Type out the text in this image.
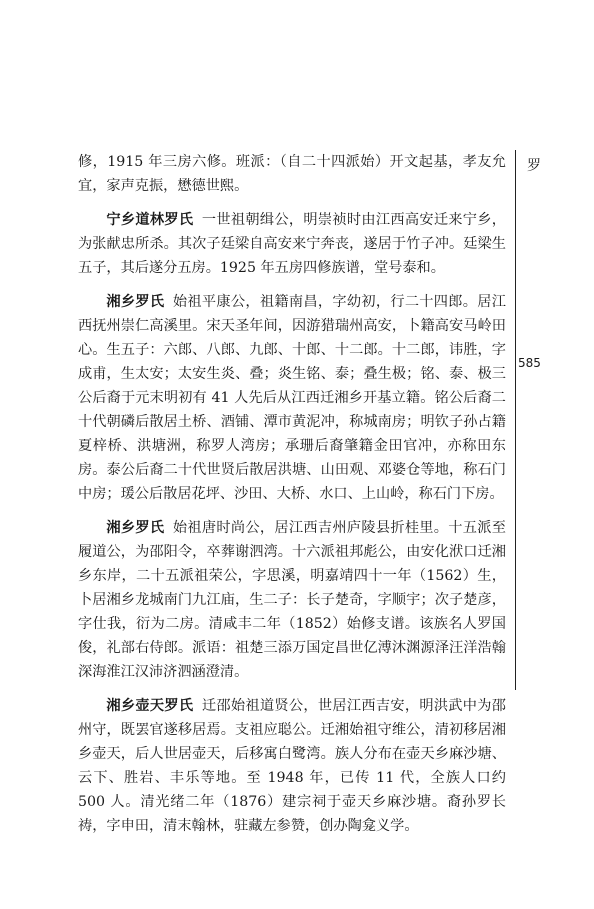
罗
585

修，1915 年三房六修。班派：（自二十四派始）开文起基，孝友允宜，家声克振，懋德世熙。

宁乡道林罗氏 一世祖朝缉公，明崇祯时由江西高安迁来宁乡，为张献忠所杀。其次子廷梁自高安来宁奔丧，遂居于竹子冲。廷梁生五子，其后遂分五房。1925 年五房四修族谱，堂号泰和。

湘乡罗氏 始祖平康公，祖籍南昌，字幼初，行二十四郎。居江西抚州崇仁高溪里。宋天圣年间，因游猎瑞州高安，卜籍高安马岭田心。生五子：六郎、八郎、九郎、十郎、十二郎。十二郎，讳胜，字成甫，生太安；太安生炎、叠；炎生铭、泰；叠生极；铭、泰、极三公后裔于元末明初有 41 人先后从江西迁湘乡开基立籍。铭公后裔二十代朝磷后散居土桥、酒铺、潭市黄泥冲，称城南房；明钦子孙占籍夏梓桥、洪塘洲，称罗人湾房；承珊后裔肇籍金田官冲，亦称田东房。泰公后裔二十代世贤后散居洪塘、山田观、邓婆仓等地，称石门中房；瑗公后散居花坪、沙田、大桥、水口、上山岭，称石门下房。

湘乡罗氏 始祖唐时尚公，居江西吉州庐陵县折桂里。十五派至履道公，为邵阳令，卒葬谢泗湾。十六派祖邦彪公，由安化洑口迁湘乡东岸，二十五派祖荣公，字思溪，明嘉靖四十一年（1562）生，卜居湘乡龙城南门九江庙，生二子：长子楚奇，字顺宇；次子楚彦，字仕我，衍为二房。清咸丰二年（1852）始修支谱。该族名人罗国俊，礼部右侍郎。派语：祖楚三添万国定昌世亿溥沐渊源泽汪洋浩翰深海淮江汉沛济泗涵澄清。

湘乡壶天罗氏 迁邵始祖道贤公，世居江西吉安，明洪武中为邵州守，既罢官遂移居焉。支祖应聪公。迁湘始祖守维公，清初移居湘乡壶天，后人世居壶天，后移寓白鹭湾。族人分布在壶天乡麻沙塘、云下、胜岩、丰乐等地。至 1948 年，已传 11 代，全族人口约 500 人。清光绪二年（1876）建宗祠于壶天乡麻沙塘。裔孙罗长祷，字申田，清末翰林，驻藏左参赞，创办陶龛义学。
